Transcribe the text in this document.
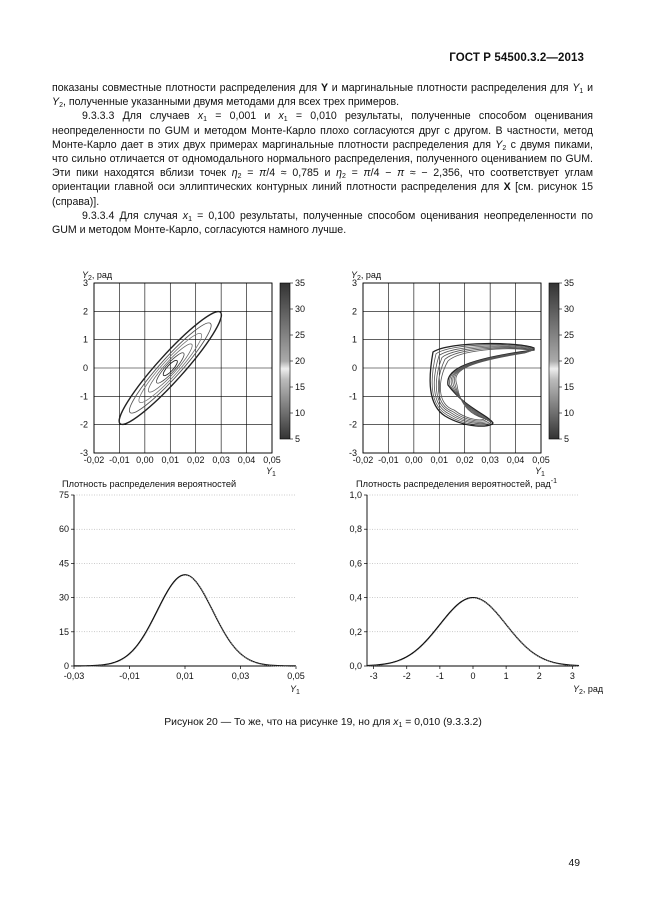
ГОСТ Р 54500.3.2—2013

показаны совместные плотности распределения для Y и маргинальные плотности распределения для $Y_1$ и $Y_2$, полученные указанными двумя методами для всех трех примеров.

9.3.3.3 Для случаев $x_1 = 0,001$ и $x_1 = 0,010$ результаты, полученные способом оценивания неопределенности по GUM и методом Монте-Карло плохо согласуются друг с другом. В частности, метод Монте-Карло дает в этих двух примерах маргинальные плотности распределения для $Y_2$ с двумя пиками, что сильно отличается от одномодального нормального распределения, полученного оцениванием по GUM. Эти пики находятся вблизи точек $\eta_2 = \pi/4 \approx 0,785$ и $\eta_2 = \pi/4 - \pi$ ≈ − 2,356, что соответствует углам ориентации главной оси эллиптических контурных линий плотности распределения для X [см. рисунок 15 (справа)].

9.3.3.4 Для случая $x_1 = 0,100$ результаты, полученные способом оценивания неопределенности по GUM и методом Монте-Карло, согласуются намного лучше.

-0,02 -0,01 0,00 0,01 0,02 0,03 0,04 0,05
3
2
1
0
-1
-2
-3
$Y_2$, рад
$Y_1$
35
30
25
20
15
10
5
-0,02 -0,01 0,00 0,01 0,02 0,03 0,04 0,05
3
2
1
0
-1
-2
-3
$Y_2$, рад
$Y_1$
35
30
25
20
15
10
5
75
60
45
30
15
0
-0,03	-0,01	0,01	0,03	0,05
$Y_1$
1,0
0,8
0,6
0,4
0,2
0,0
-3	-2	-1	0	1	2	3
$Y_2$, рад
Плотность распределения вероятностей	Плотность распределения вероятностей, рад$^{-1}$
Рисунок 20 — То же, что на рисунке 19, но для $x_1 = 0,010$ (9.3.3.2)
49
